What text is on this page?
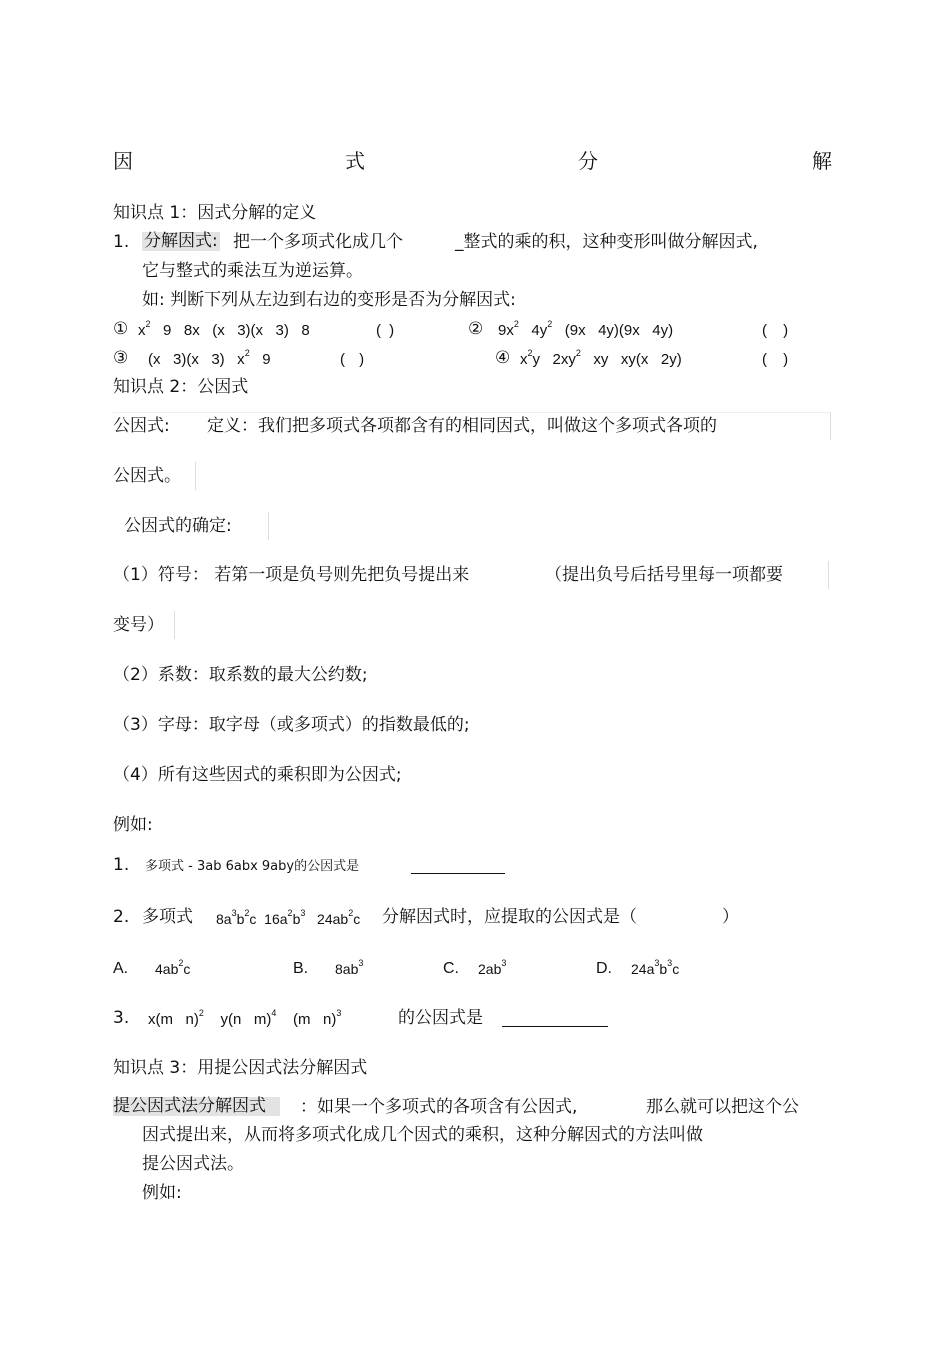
因	式	分	解
知识点 1：因式分解的定义
1. 分解因式: 把一个多项式化成几个	_整式的乘的积，这种变形叫做分解因式,
它与整式的乘法互为逆运算。
如: 判断下列从左边到右边的变形是否为分解因式:
① $x^2$   9   8x   (x   3)(x   3)   8	( )	② $9x^2$   $4y^2$   (9x   4y)(9x   4y)	( )
③ (x   3)(x   3)   $x^2$   9	( )	④ $x^2y$   $2xy^2$   xy   xy(x   2y)	( )
知识点 2：公因式
公因式: 定义：我们把多项式各项都含有的相同因式，叫做这个多项式各项的
公因式。
公因式的确定:
（1）符号： 若第一项是负号则先把负号提出来	（提出负号后括号里每一项都要
变号）
（2）系数：取系数的最大公约数;
（3）字母：取字母（或多项式）的指数最低的;
（4）所有这些因式的乘积即为公因式;
例如:
1. 多项式 - 3ab 6abx 9aby的公因式是
2. 多项式 $8a^3b^2c$  $16a^2b^3$   $24ab^2c$ 分解因式时，应提取的公因式是（	）
A. $4ab^2c$	B. $8ab^3$	C. $2ab^3$	D. $24a^3b^3c$
3. x(m   n)$^2$    y(n   m)$^4$    (m   n)$^3$	的公因式是
知识点 3：用提公因式法分解因式
提公因式法分解因式	：如果一个多项式的各项含有公因式,	那么就可以把这个公
因式提出来，从而将多项式化成几个因式的乘积，这种分解因式的方法叫做
提公因式法。
例如:
